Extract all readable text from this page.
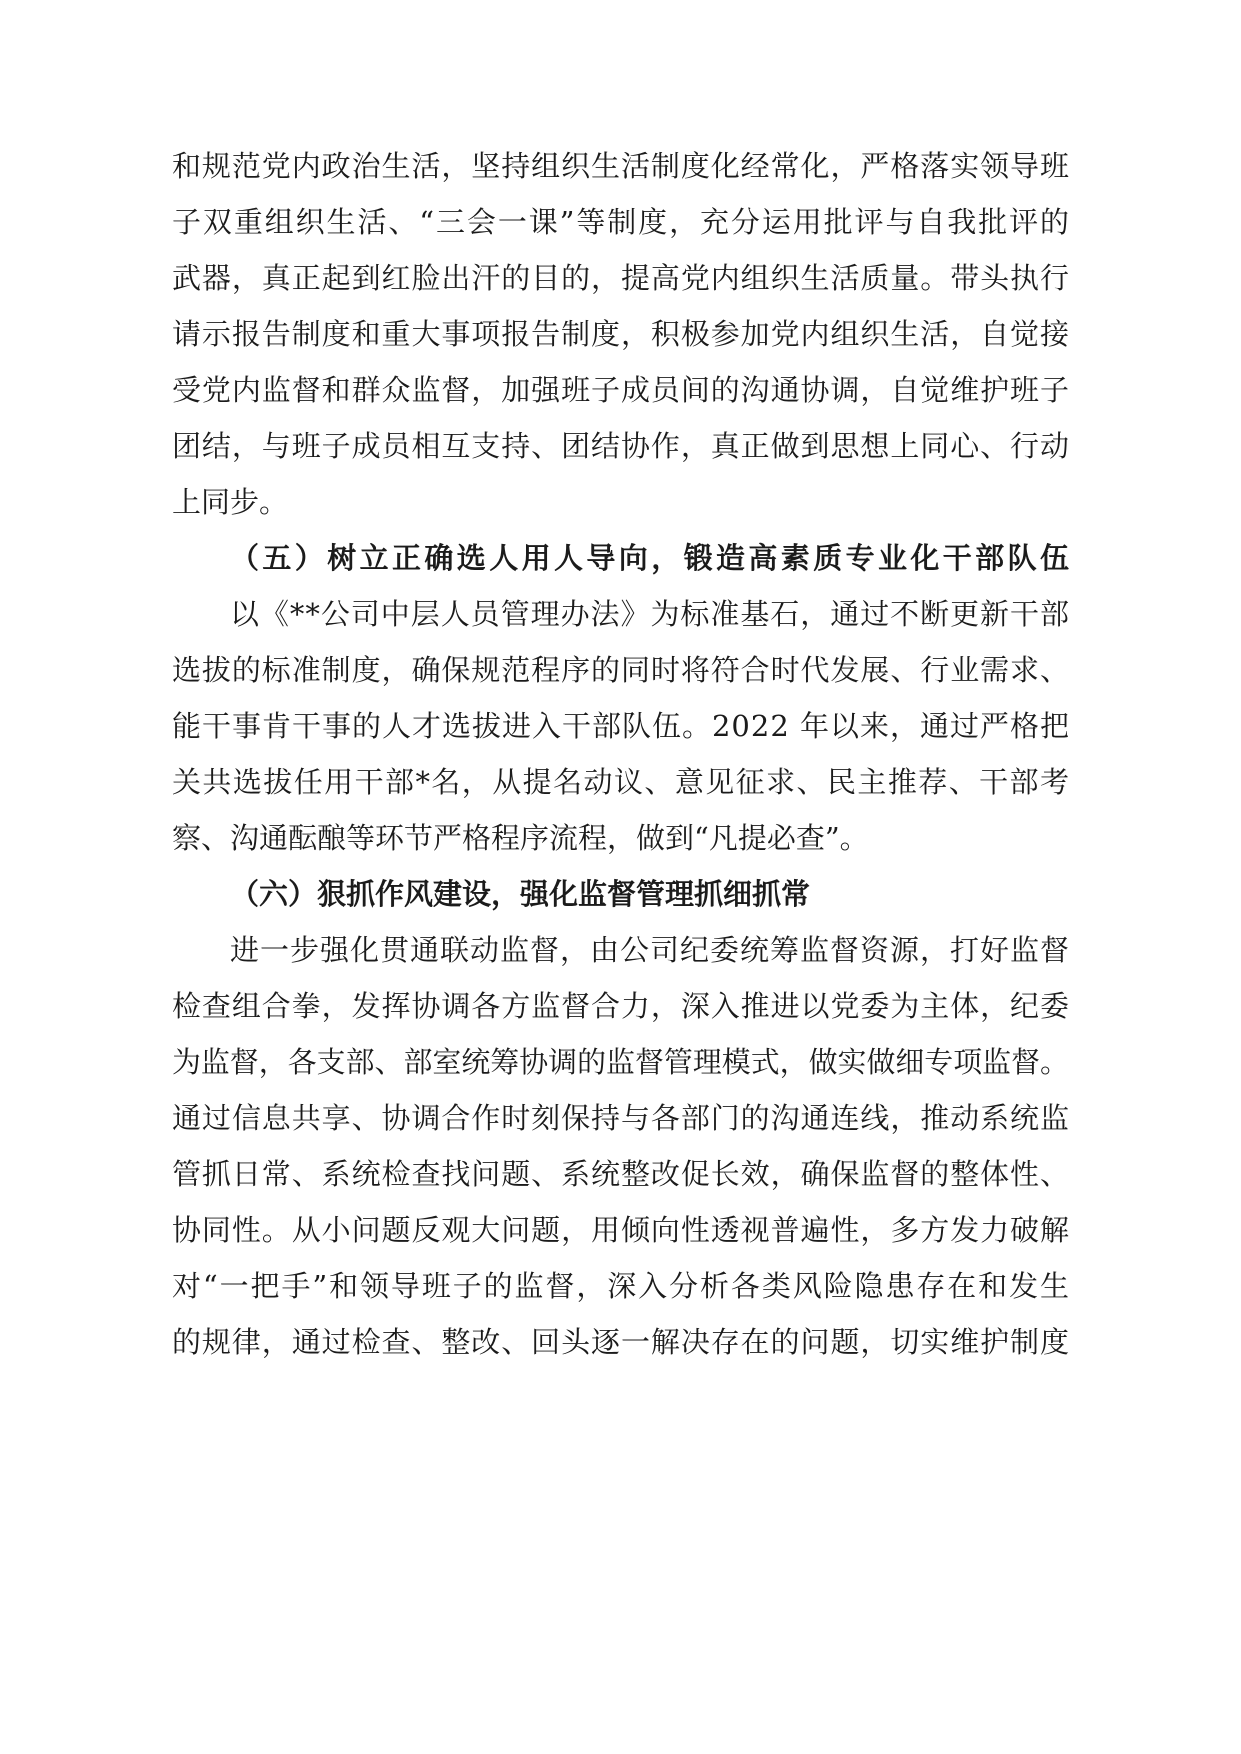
和规范党内政治生活，坚持组织生活制度化经常化，严格落实领导班
子双重组织生活、“三会一课”等制度，充分运用批评与自我批评的
武器，真正起到红脸出汗的目的，提高党内组织生活质量。带头执行
请示报告制度和重大事项报告制度，积极参加党内组织生活，自觉接
受党内监督和群众监督，加强班子成员间的沟通协调，自觉维护班子
团结，与班子成员相互支持、团结协作，真正做到思想上同心、行动
上同步。
（五）树立正确选人用人导向，锻造高素质专业化干部队伍
以《**公司中层人员管理办法》为标准基石，通过不断更新干部
选拔的标准制度，确保规范程序的同时将符合时代发展、行业需求、
能干事肯干事的人才选拔进入干部队伍。2022 年以来，通过严格把
关共选拔任用干部*名，从提名动议、意见征求、民主推荐、干部考
察、沟通酝酿等环节严格程序流程，做到“凡提必查”。
（六）狠抓作风建设，强化监督管理抓细抓常
进一步强化贯通联动监督，由公司纪委统筹监督资源，打好监督
检查组合拳，发挥协调各方监督合力，深入推进以党委为主体，纪委
为监督，各支部、部室统筹协调的监督管理模式，做实做细专项监督。
通过信息共享、协调合作时刻保持与各部门的沟通连线，推动系统监
管抓日常、系统检查找问题、系统整改促长效，确保监督的整体性、
协同性。从小问题反观大问题，用倾向性透视普遍性，多方发力破解
对“一把手”和领导班子的监督，深入分析各类风险隐患存在和发生
的规律，通过检查、整改、回头逐一解决存在的问题，切实维护制度
